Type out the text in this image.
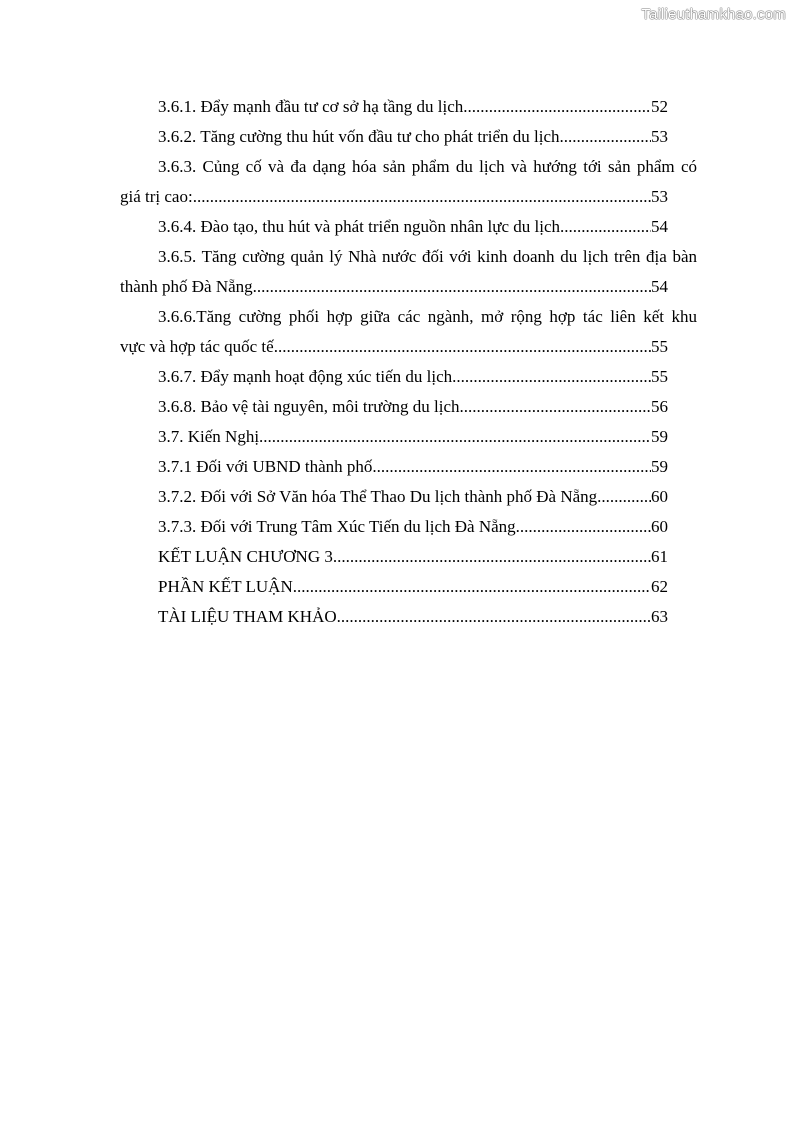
Tailieuthamkhao.com
3.6.1. Đẩy mạnh đầu tư cơ sở hạ tầng du lịch .....	52
3.6.2. Tăng cường thu hút vốn đầu tư cho phát triển du lịch .....	53
3.6.3. Củng cố và đa dạng hóa sản phẩm du lịch và hướng tới sản phẩm có
giá trị cao: .....	53
3.6.4. Đào tạo, thu hút và phát triển nguồn nhân lực du lịch .....	54
3.6.5. Tăng cường quản lý Nhà nước đối với kinh doanh du lịch trên địa bàn
thành phố Đà Nẵng .....	54
3.6.6.Tăng cường phối hợp giữa các ngành, mở rộng hợp tác liên kết khu
vực và hợp tác quốc tế .....	55
3.6.7. Đẩy mạnh hoạt động xúc tiến du lịch .....	55
3.6.8. Bảo vệ tài nguyên, môi trường du lịch .....	56
3.7. Kiến Nghị .....	59
3.7.1 Đối với UBND thành phố .....	59
3.7.2. Đối với Sở Văn hóa Thể Thao Du lịch thành phố Đà Nẵng .....	60
3.7.3. Đối với Trung Tâm Xúc Tiến du lịch Đà Nẵng .....	60
KẾT LUẬN CHƯƠNG 3 .....	61
PHẦN KẾT LUẬN .....	62
TÀI LIỆU THAM KHẢO .....	63
